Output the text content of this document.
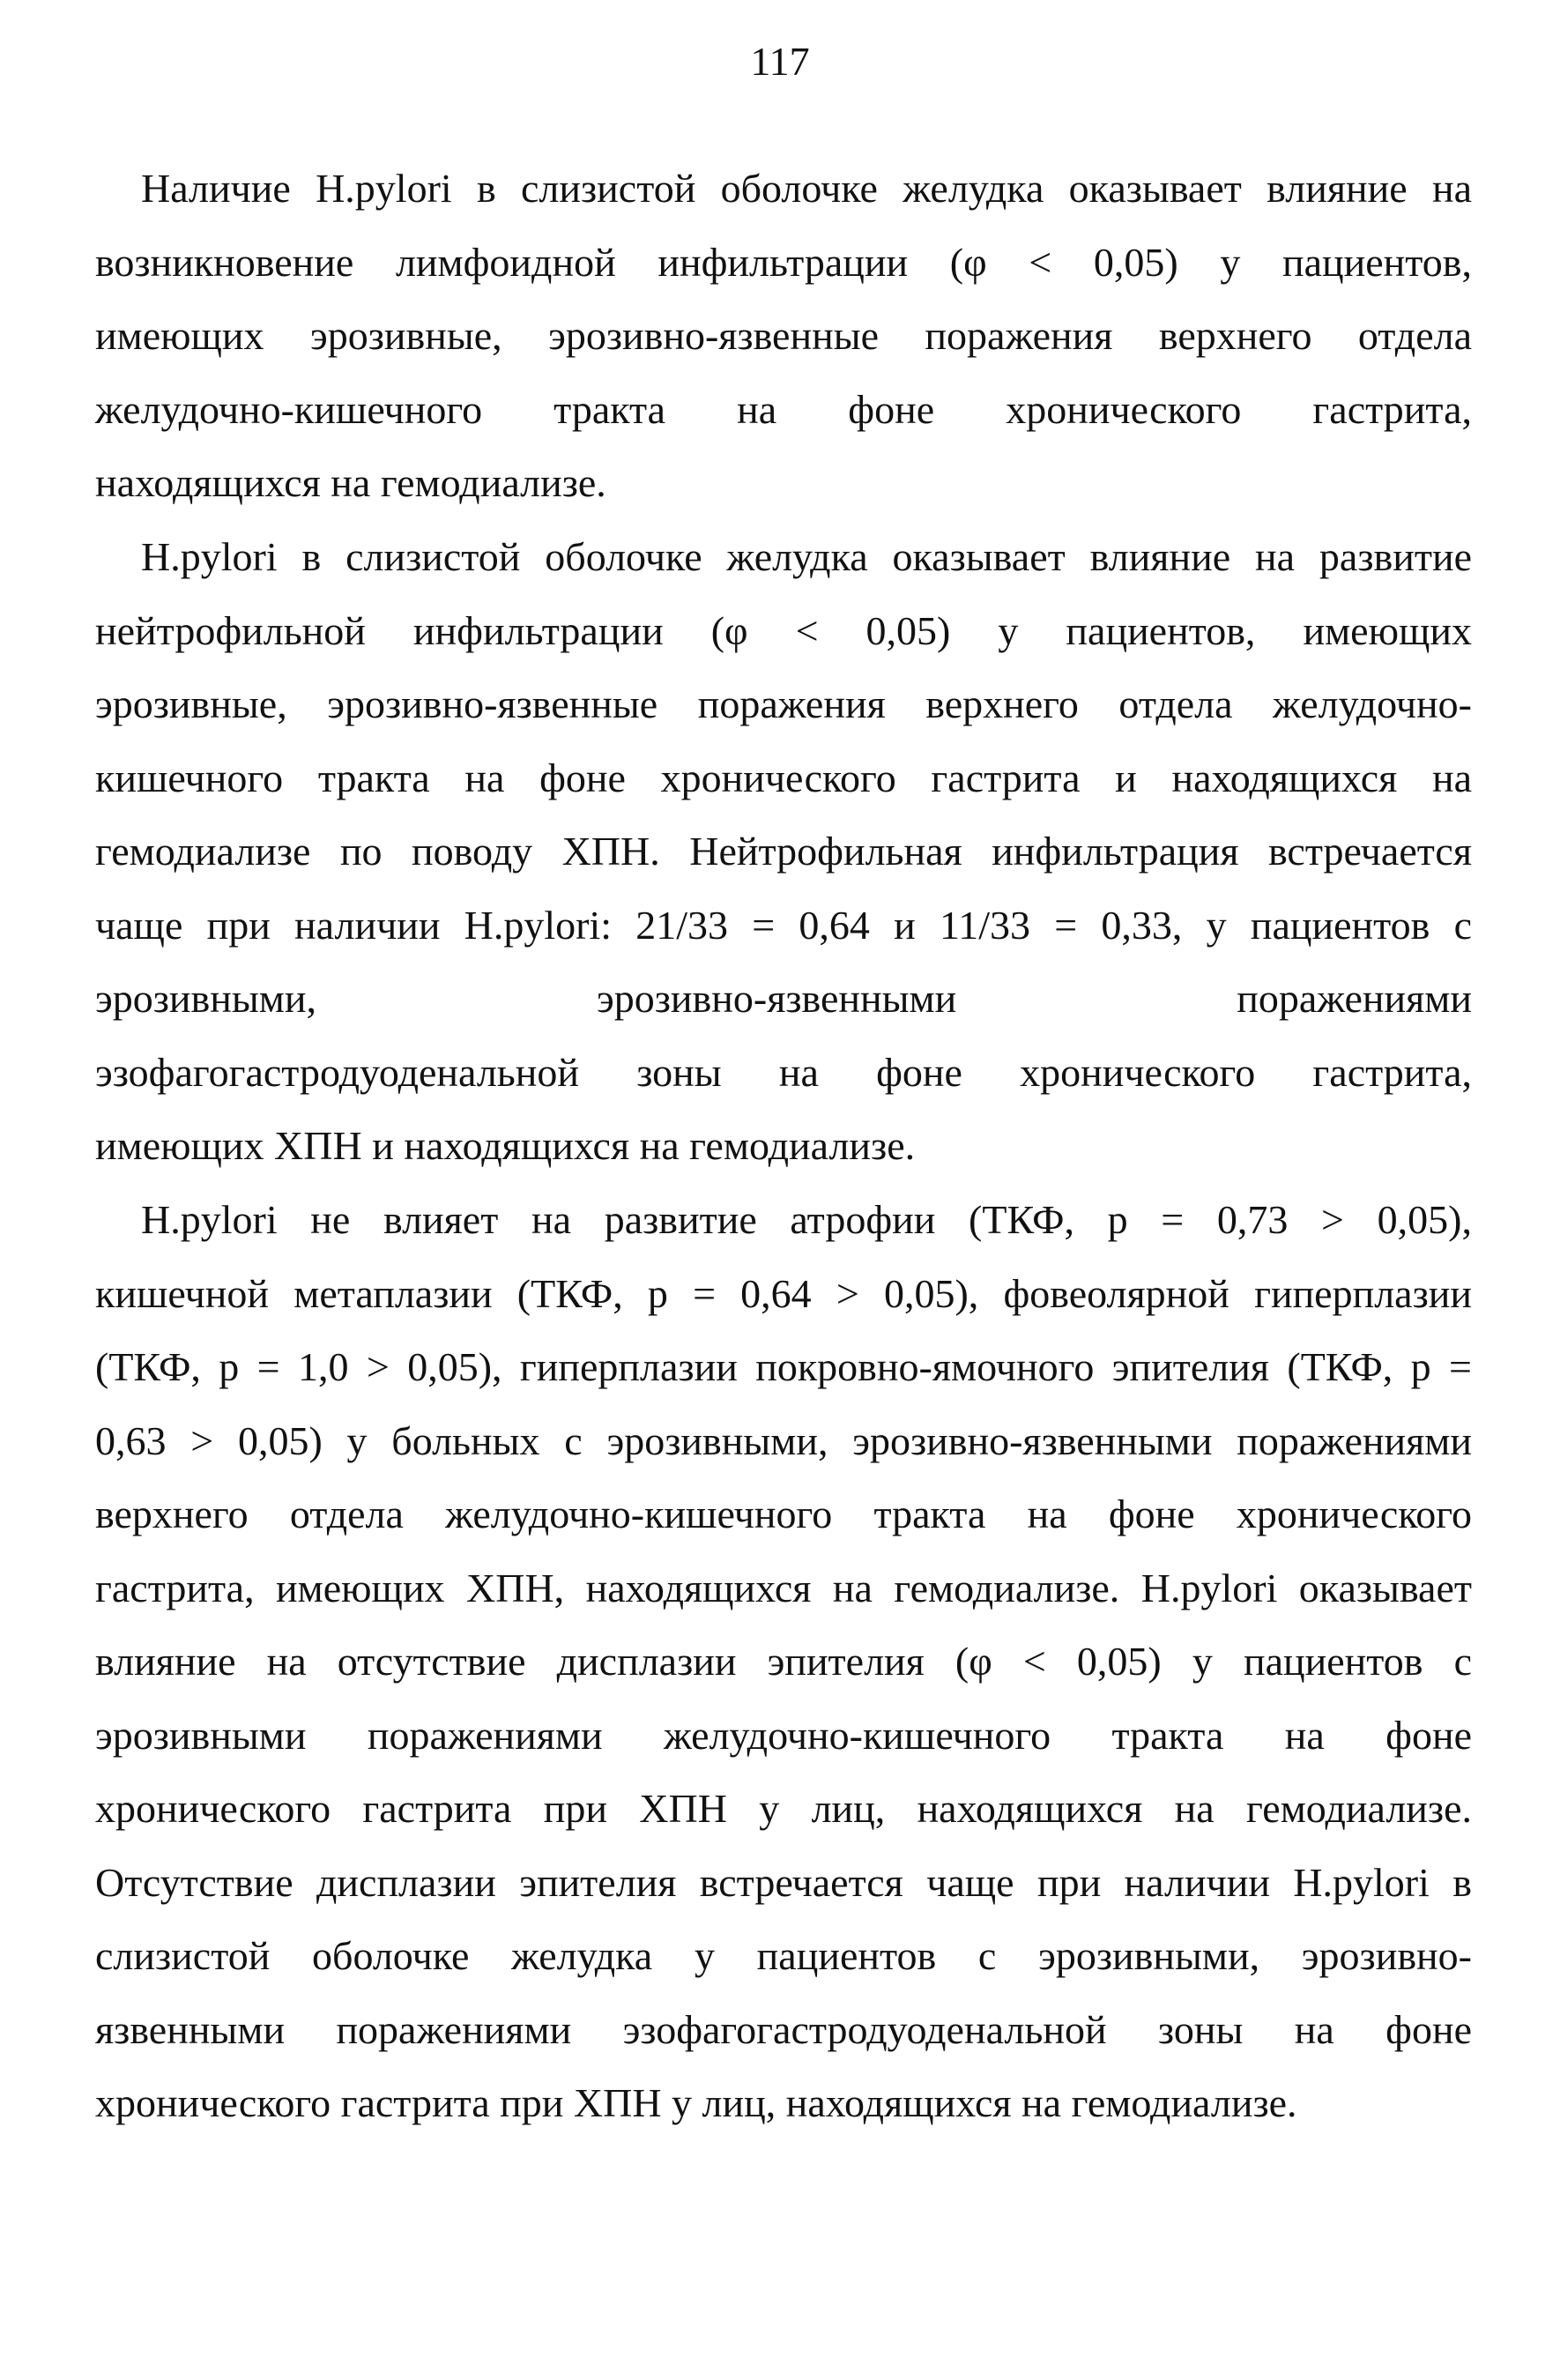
117
Наличие H.pylori в слизистой оболочке желудка оказывает влияние на
возникновение лимфоидной инфильтрации (φ < 0,05) у пациентов,
имеющих эрозивные, эрозивно-язвенные поражения верхнего отдела
желудочно-кишечного тракта на фоне хронического гастрита,
находящихся на гемодиализе.
H.pylori в слизистой оболочке желудка оказывает влияние на развитие
нейтрофильной инфильтрации (φ < 0,05) у пациентов, имеющих
эрозивные, эрозивно-язвенные поражения верхнего отдела желудочно-
кишечного тракта на фоне хронического гастрита и находящихся на
гемодиализе по поводу ХПН. Нейтрофильная инфильтрация встречается
чаще при наличии H.pylori: 21/33 = 0,64 и 11/33 = 0,33, у пациентов с
эрозивными, эрозивно-язвенными поражениями
эзофагогастродуоденальной зоны на фоне хронического гастрита,
имеющих ХПН и находящихся на гемодиализе.
H.pylori не влияет на развитие атрофии (ТКФ, p = 0,73 > 0,05),
кишечной метаплазии (ТКФ, p = 0,64 > 0,05), фовеолярной гиперплазии
(ТКФ, p = 1,0 > 0,05), гиперплазии покровно-ямочного эпителия (ТКФ, p =
0,63 > 0,05) у больных с эрозивными, эрозивно-язвенными поражениями
верхнего отдела желудочно-кишечного тракта на фоне хронического
гастрита, имеющих ХПН, находящихся на гемодиализе. H.pylori оказывает
влияние на отсутствие дисплазии эпителия (φ < 0,05) у пациентов с
эрозивными поражениями желудочно-кишечного тракта на фоне
хронического гастрита при ХПН у лиц, находящихся на гемодиализе.
Отсутствие дисплазии эпителия встречается чаще при наличии H.pylori в
слизистой оболочке желудка у пациентов с эрозивными, эрозивно-
язвенными поражениями эзофагогастродуоденальной зоны на фоне
хронического гастрита при ХПН у лиц, находящихся на гемодиализе.
